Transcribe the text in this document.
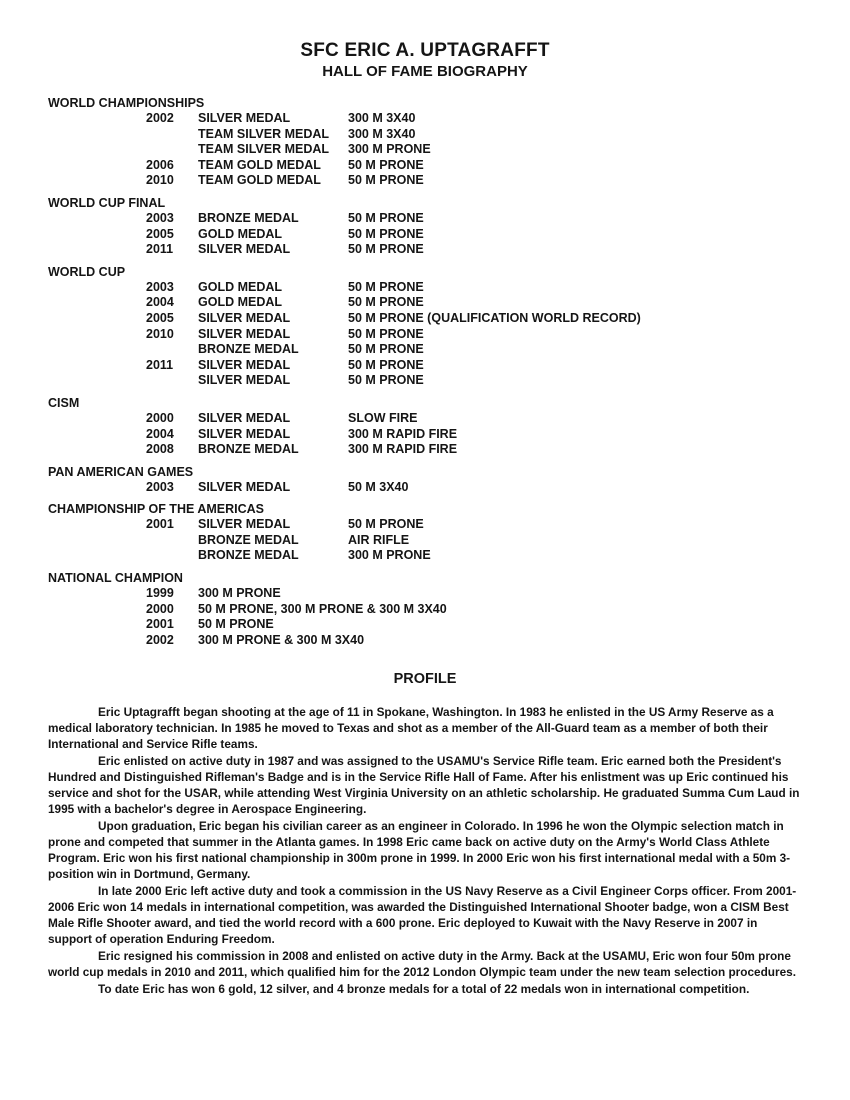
SFC ERIC A. UPTAGRAFFT
HALL OF FAME BIOGRAPHY
WORLD CHAMPIONSHIPS
2002 SILVER MEDAL	300 M 3X40
TEAM SILVER MEDAL 300 M 3X40
TEAM SILVER MEDAL 300 M PRONE
2006 TEAM GOLD MEDAL 50 M PRONE
2010 TEAM GOLD MEDAL 50 M PRONE
WORLD CUP FINAL
2003 BRONZE MEDAL	50 M PRONE
2005 GOLD MEDAL	50 M PRONE
2011 SILVER MEDAL	50 M PRONE
WORLD CUP
2003 GOLD MEDAL	50 M PRONE
2004 GOLD MEDAL	50 M PRONE
2005 SILVER MEDAL	50 M PRONE (QUALIFICATION WORLD RECORD)
2010 SILVER MEDAL	50 M PRONE
BRONZE MEDAL	50 M PRONE
2011 SILVER MEDAL	50 M PRONE
SILVER MEDAL	50 M PRONE
CISM
2000 SILVER MEDAL	SLOW FIRE
2004 SILVER MEDAL	300 M RAPID FIRE
2008 BRONZE MEDAL	300 M RAPID FIRE
PAN AMERICAN GAMES
2003 SILVER MEDAL	50 M 3X40
CHAMPIONSHIP OF THE AMERICAS
2001 SILVER MEDAL	50 M PRONE
BRONZE MEDAL	AIR RIFLE
BRONZE MEDAL	300 M PRONE
NATIONAL CHAMPION
1999 300 M PRONE
2000 50 M PRONE, 300 M PRONE & 300 M 3X40
2001 50 M PRONE
2002 300 M PRONE & 300 M 3X40
PROFILE

Eric Uptagrafft began shooting at the age of 11 in Spokane, Washington. In 1983 he enlisted in the US Army Reserve as a medical laboratory technician. In 1985 he moved to Texas and shot as a member of the All-Guard team as a member of both their International and Service Rifle teams.

Eric enlisted on active duty in 1987 and was assigned to the USAMU's Service Rifle team. Eric earned both the President's Hundred and Distinguished Rifleman's Badge and is in the Service Rifle Hall of Fame. After his enlistment was up Eric continued his service and shot for the USAR, while attending West Virginia University on an athletic scholarship. He graduated Summa Cum Laud in 1995 with a bachelor's degree in Aerospace Engineering.

Upon graduation, Eric began his civilian career as an engineer in Colorado. In 1996 he won the Olympic selection match in prone and competed that summer in the Atlanta games. In 1998 Eric came back on active duty on the Army's World Class Athlete Program. Eric won his first national championship in 300m prone in 1999. In 2000 Eric won his first international medal with a 50m 3-position win in Dortmund, Germany.

In late 2000 Eric left active duty and took a commission in the US Navy Reserve as a Civil Engineer Corps officer. From 2001-2006 Eric won 14 medals in international competition, was awarded the Distinguished International Shooter badge, won a CISM Best Male Rifle Shooter award, and tied the world record with a 600 prone. Eric deployed to Kuwait with the Navy Reserve in 2007 in support of operation Enduring Freedom.

Eric resigned his commission in 2008 and enlisted on active duty in the Army. Back at the USAMU, Eric won four 50m prone world cup medals in 2010 and 2011, which qualified him for the 2012 London Olympic team under the new team selection procedures.

To date Eric has won 6 gold, 12 silver, and 4 bronze medals for a total of 22 medals won in international competition.
